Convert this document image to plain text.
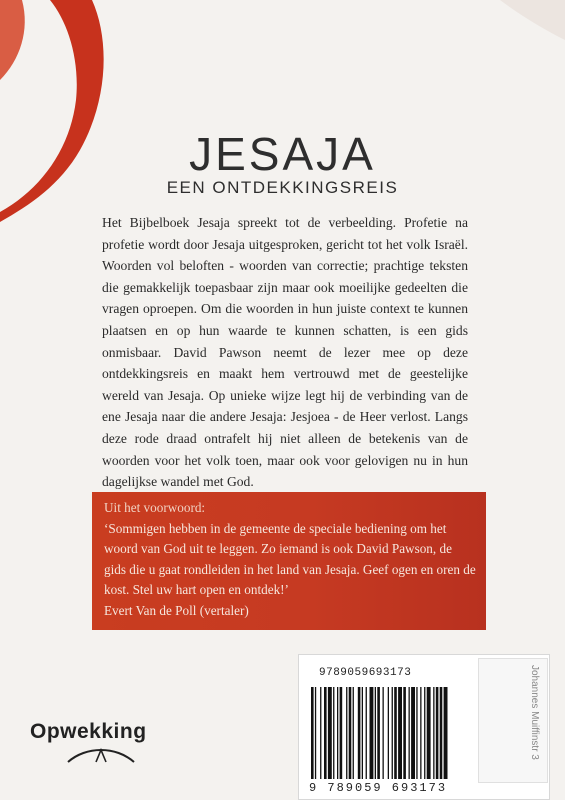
JESAJA
EEN ONTDEKKINGSREIS
Het Bijbelboek Jesaja spreekt tot de verbeelding. Profetie na profetie wordt door Jesaja uitgesproken, gericht tot het volk Israël. Woorden vol beloften - woorden van correctie; prachtige teksten die gemakkelijk toepasbaar zijn maar ook moeilijke gedeelten die vragen oproepen. Om die woorden in hun juiste context te kunnen plaatsen en op hun waarde te kunnen schatten, is een gids onmisbaar. David Pawson neemt de lezer mee op deze ontdekkingsreis en maakt hem vertrouwd met de geestelijke wereld van Jesaja. Op unieke wijze legt hij de verbinding van de ene Jesaja naar die andere Jesaja: Jesjoea - de Heer verlost. Langs deze rode draad ontrafelt hij niet alleen de betekenis van de woorden voor het volk toen, maar ook voor gelovigen nu in hun dagelijkse wandel met God.
Uit het voorwoord:
‘Sommigen hebben in de gemeente de speciale bediening om het woord van God uit te leggen. Zo iemand is ook David Pawson, de gids die u gaat rondleiden in het land van Jesaja. Geef ogen en oren de kost. Stel uw hart open en ontdek!’
Evert Van de Poll (vertaler)
Opwekking
9789059693173
9 789059 693173
Johannes Muiffinstr 3
